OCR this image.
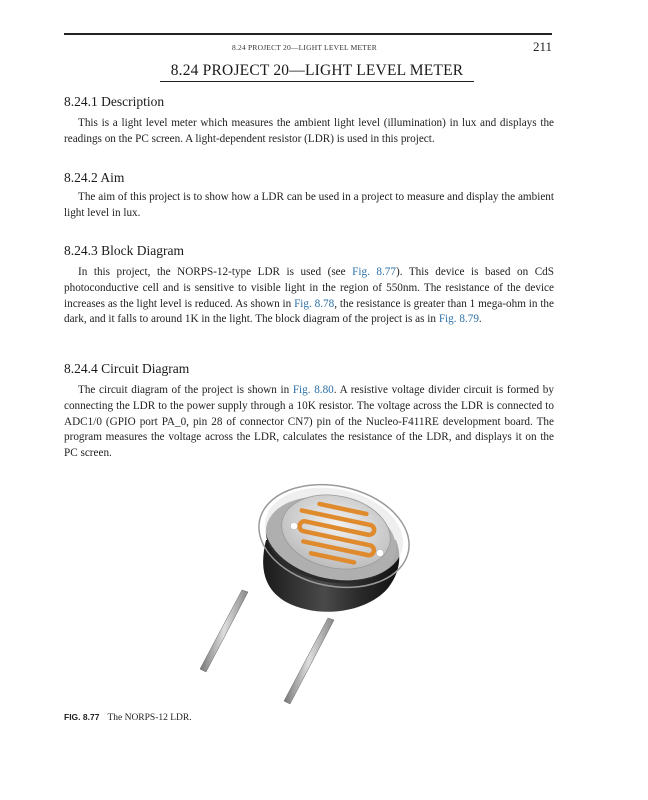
8.24 PROJECT 20—LIGHT LEVEL METER	211
8.24 PROJECT 20—LIGHT LEVEL METER
8.24.1 Description

This is a light level meter which measures the ambient light level (illumination) in lux and displays the readings on the PC screen. A light-dependent resistor (LDR) is used in this project.

8.24.2 Aim

The aim of this project is to show how a LDR can be used in a project to measure and display the ambient light level in lux.

8.24.3 Block Diagram

In this project, the NORPS-12-type LDR is used (see Fig. 8.77). This device is based on CdS photoconductive cell and is sensitive to visible light in the region of 550nm. The resistance of the device increases as the light level is reduced. As shown in Fig. 8.78, the resistance is greater than 1 mega-ohm in the dark, and it falls to around 1K in the light. The block diagram of the project is as in Fig. 8.79.

8.24.4 Circuit Diagram

The circuit diagram of the project is shown in Fig. 8.80. A resistive voltage divider circuit is formed by connecting the LDR to the power supply through a 10K resistor. The voltage across the LDR is connected to ADC1/0 (GPIO port PA_0, pin 28 of connector CN7) pin of the Nucleo-F411RE development board. The program measures the voltage across the LDR, calculates the resistance of the LDR, and displays it on the PC screen.

FIG. 8.77 The NORPS-12 LDR.
